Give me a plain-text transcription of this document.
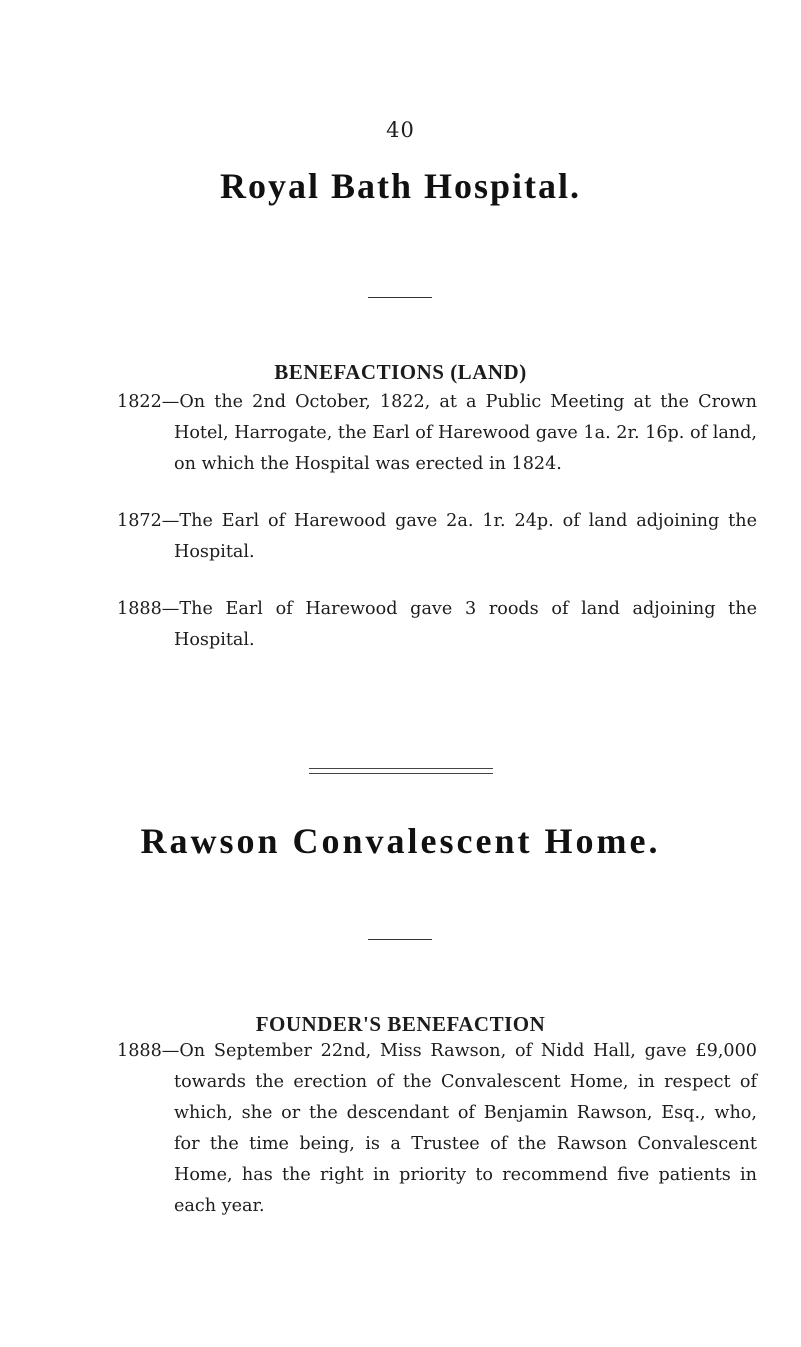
40
Royal Bath Hospital.
BENEFACTIONS (LAND)

1822—On the 2nd October, 1822, at a Public Meeting at the Crown Hotel, Harrogate, the Earl of Harewood gave 1a. 2r. 16p. of land, on which the Hospital was erected in 1824.

1872—The Earl of Harewood gave 2a. 1r. 24p. of land adjoining the Hospital.

1888—The Earl of Harewood gave 3 roods of land adjoining the Hospital.

Rawson Convalescent Home.
FOUNDER'S BENEFACTION

1888—On September 22nd, Miss Rawson, of Nidd Hall, gave £9,000 towards the erection of the Convalescent Home, in respect of which, she or the descendant of Benjamin Rawson, Esq., who, for the time being, is a Trustee of the Rawson Convalescent Home, has the right in priority to recommend five patients in each year.
